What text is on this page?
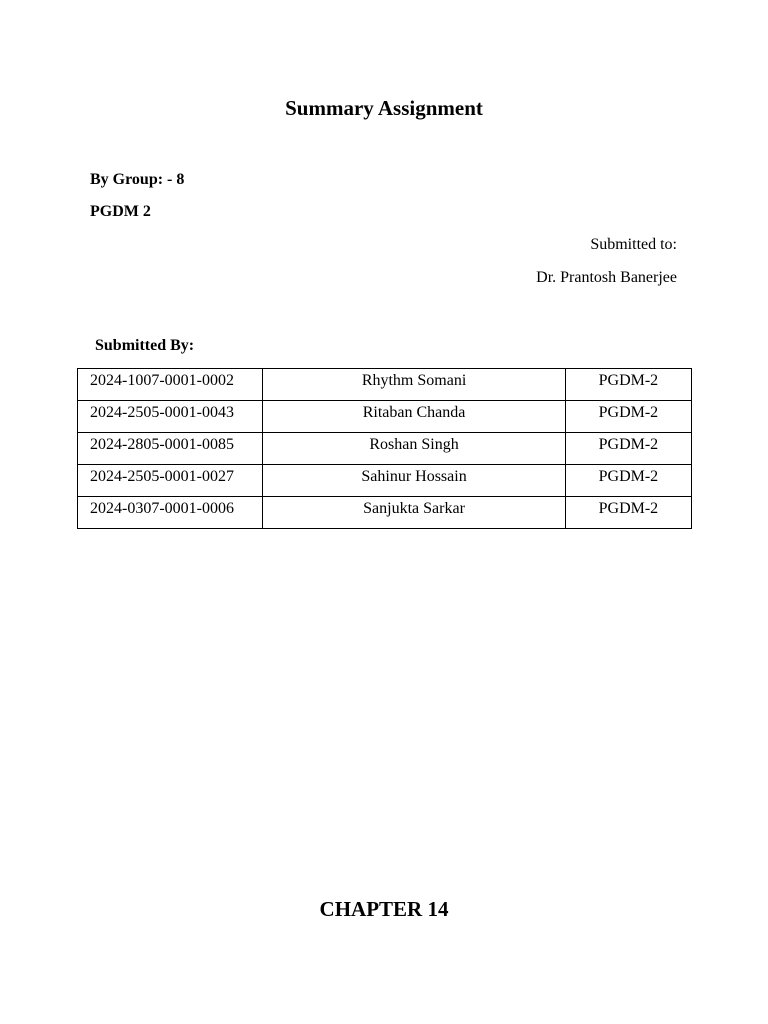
Summary Assignment
By Group: - 8
PGDM 2
Submitted to:
Dr. Prantosh Banerjee
Submitted By:
2024-1007-0001-0002	Rhythm Somani	PGDM-2
2024-2505-0001-0043	Ritaban Chanda	PGDM-2
2024-2805-0001-0085	Roshan Singh	PGDM-2
2024-2505-0001-0027	Sahinur Hossain	PGDM-2
2024-0307-0001-0006	Sanjukta Sarkar	PGDM-2
CHAPTER 14
